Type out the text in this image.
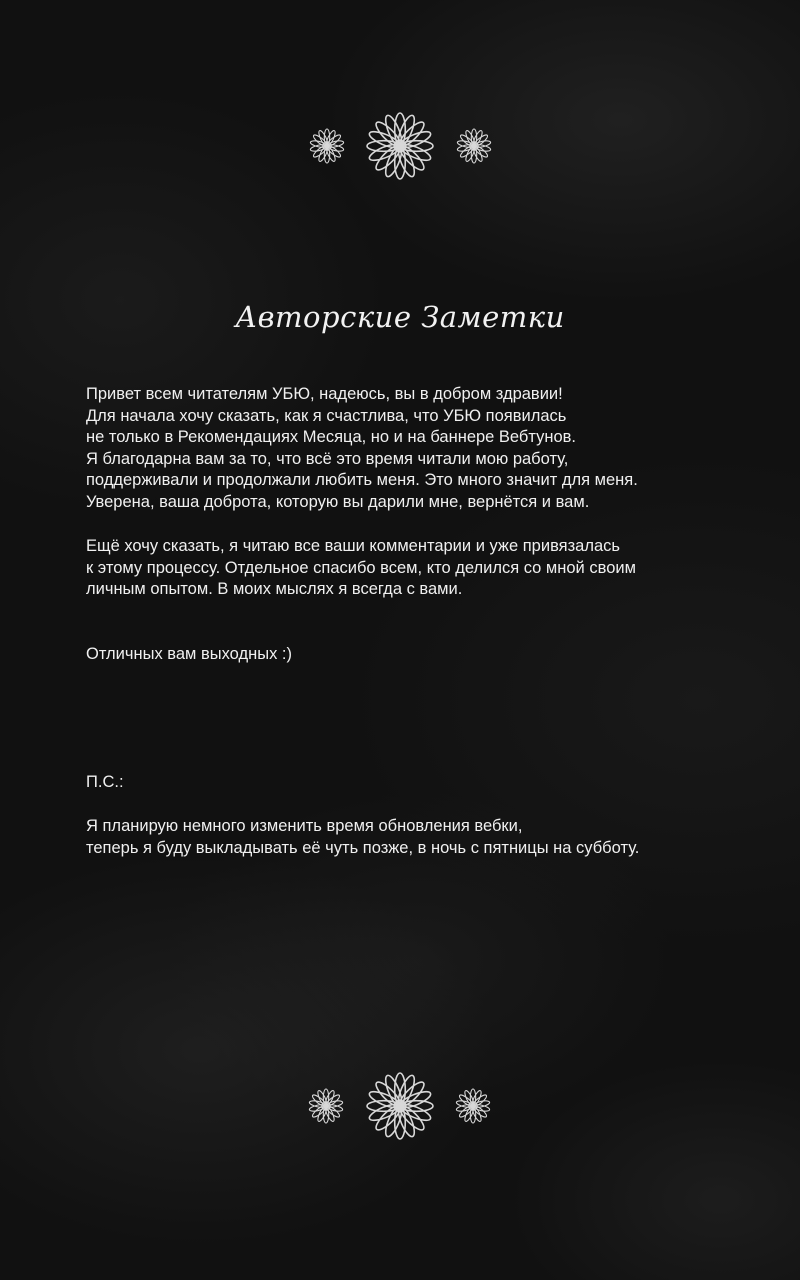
Авторские Заметки
Привет всем читателям УБЮ, надеюсь, вы в добром здравии!
Для начала хочу сказать, как я счастлива, что УБЮ появилась
не только в Рекомендациях Месяца, но и на баннере Вебтунов.
Я благодарна вам за то, что всё это время читали мою работу,
поддерживали и продолжали любить меня. Это много значит для меня.
Уверена, ваша доброта, которую вы дарили мне, вернётся и вам.
Ещё хочу сказать, я читаю все ваши комментарии и уже привязалась
к этому процессу. Отдельное спасибо всем, кто делился со мной своим
личным опытом. В моих мыслях я всегда с вами.
Отличных вам выходных :)
П.С.:
Я планирую немного изменить время обновления вебки,
теперь я буду выкладывать её чуть позже, в ночь с пятницы на субботу.
